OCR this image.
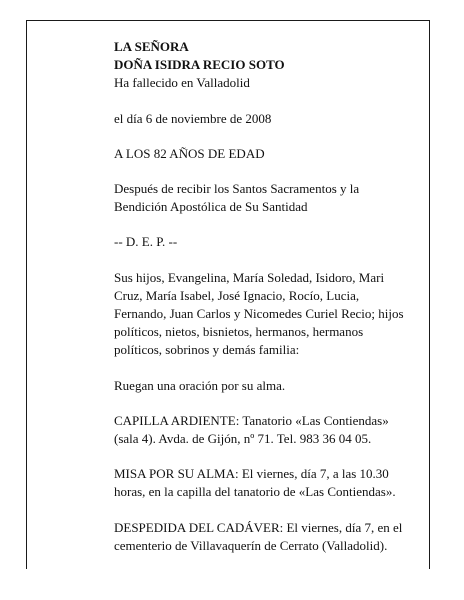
LA SEÑORA
DOÑA ISIDRA RECIO SOTO
Ha fallecido en Valladolid
el día 6 de noviembre de 2008
A LOS 82 AÑOS DE EDAD
Después de recibir los Santos Sacramentos y la
Bendición Apostólica de Su Santidad
-- D. E. P. --
Sus hijos, Evangelina, María Soledad, Isidoro, Mari
Cruz, María Isabel, José Ignacio, Rocío, Lucia,
Fernando, Juan Carlos y Nicomedes Curiel Recio; hijos
políticos, nietos, bisnietos, hermanos, hermanos
políticos, sobrinos y demás familia:
Ruegan una oración por su alma.
CAPILLA ARDIENTE: Tanatorio «Las Contiendas»
(sala 4). Avda. de Gijón, nº 71. Tel. 983 36 04 05.
MISA POR SU ALMA: El viernes, día 7, a las 10.30
horas, en la capilla del tanatorio de «Las Contiendas».
DESPEDIDA DEL CADÁVER: El viernes, día 7, en el
cementerio de Villavaquerín de Cerrato (Valladolid).
